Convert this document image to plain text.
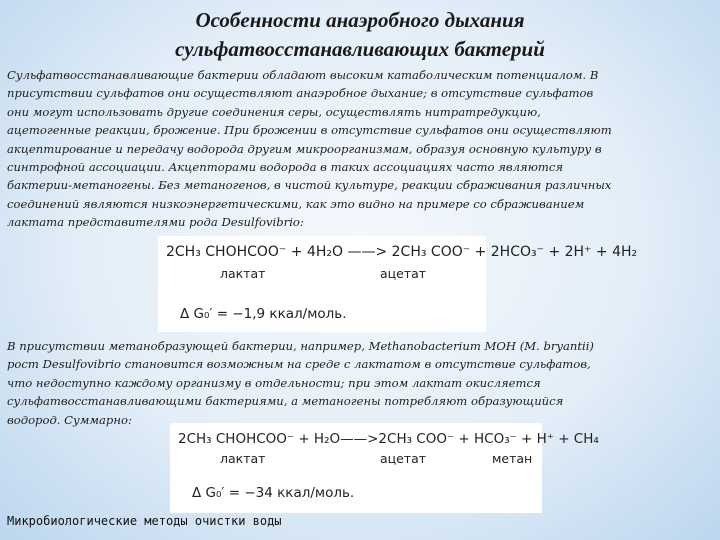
Особенности анаэробного дыхания
сульфатвосстанавливающих бактерий
Сульфатвосстанавливающие бактерии обладают высоким катаболическим потенциалом. В
присутствии сульфатов они осуществляют анаэробное дыхание; в отсутствие сульфатов
они могут использовать другие соединения серы, осуществлять нитратредукцию,
ацетогенные реакции, брожение. При брожении в отсутствие сульфатов они осуществляют
акцептирование и передачу водорода другим микроорганизмам, образуя основную культуру в
синтрофной ассоциации. Акцепторами водорода в таких ассоциациях часто являются
бактерии-метаногены. Без метаногенов, в чистой культуре, реакции сбраживания различных
соединений являются низкоэнергетическими, как это видно на примере со сбраживанием
лактата представителями рода Desulfovibrio:
2CH₃ CHOHCOO⁻ + 4H₂O ——> 2CH₃ COO⁻ + 2HCO₃⁻ + 2H⁺ + 4H₂
лактат	ацетат
Δ G₀′ = −1,9 ккал/моль.
В присутствии метанобразующей бактерии, например, Methanobacterium MOH (M. bryantii)
рост Desulfovibrio становится возможным на среде с лактатом в отсутствие сульфатов,
что недоступно каждому организму в отдельности; при этом лактат окисляется
сульфатвосстанавливающими бактериями, а метаногены потребляют образующийся
водород. Суммарно:
2CH₃ CHOHCOO⁻ + H₂O——>2CH₃ COO⁻ + HCO₃⁻ + H⁺ + CH₄
лактат	ацетат	метан
Δ G₀′ = −34 ккал/моль.
Микробиологические методы очистки воды
